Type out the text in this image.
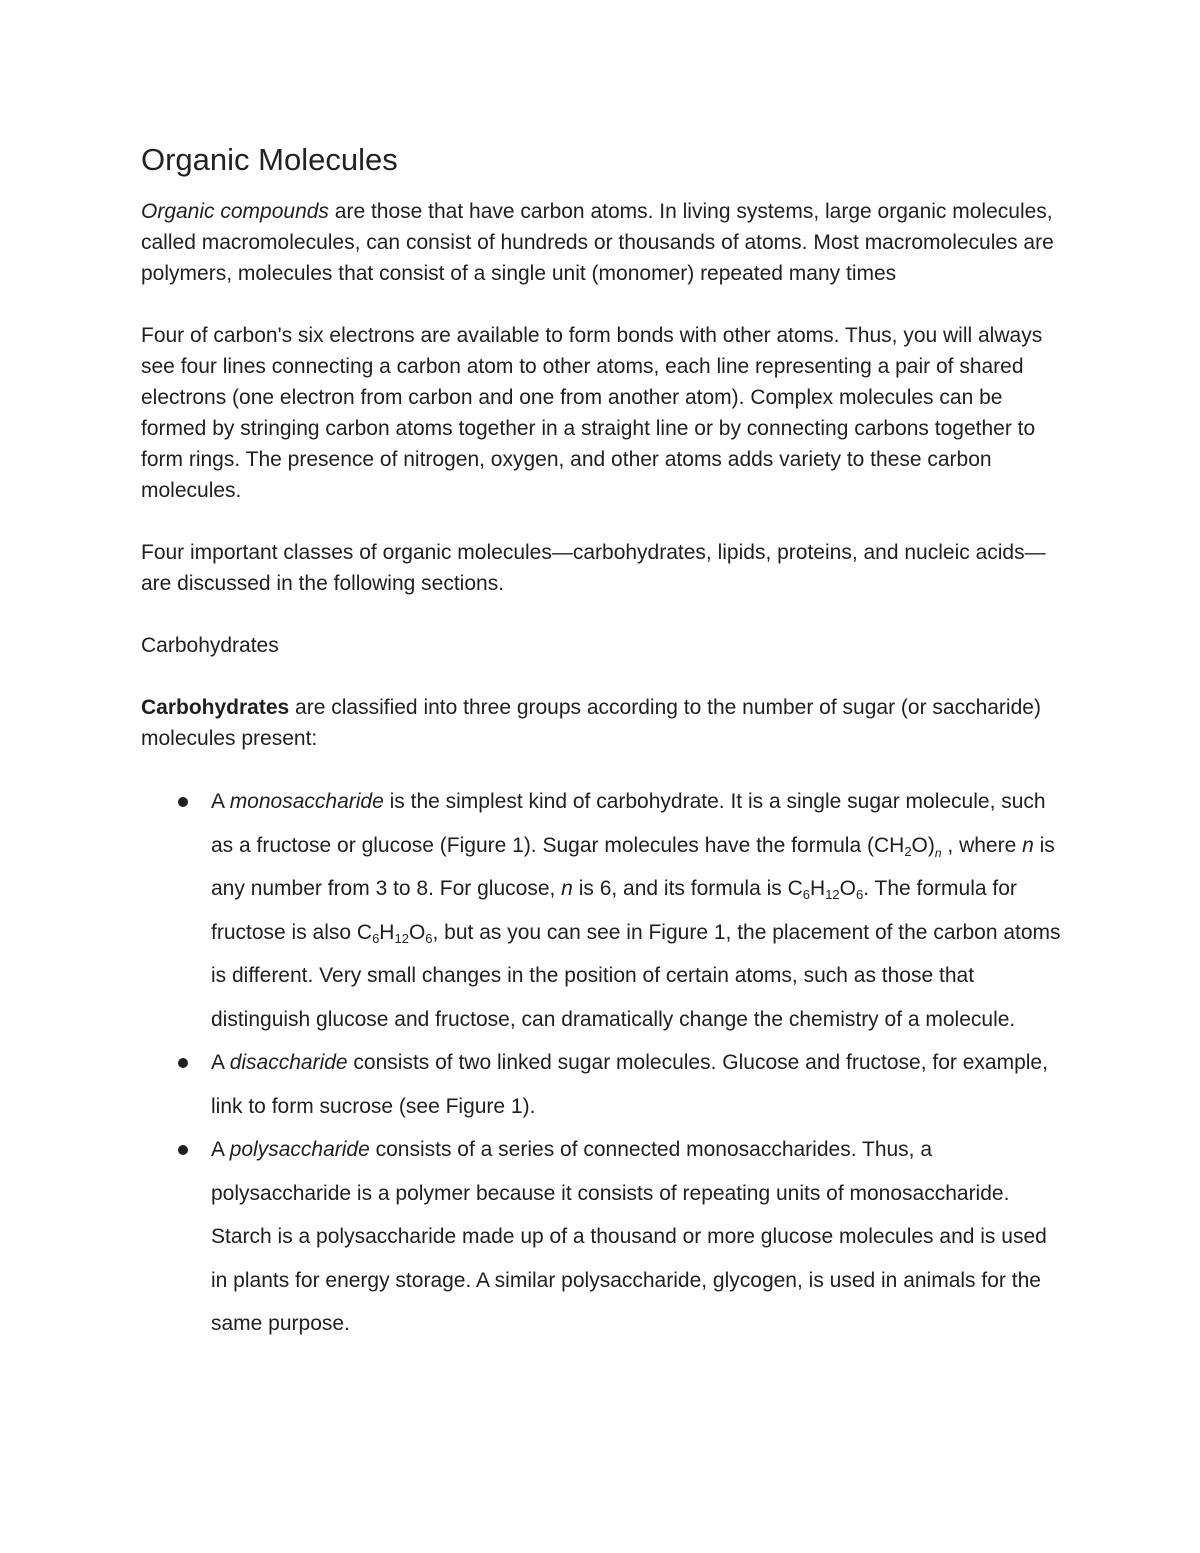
Organic Molecules

Organic compounds are those that have carbon atoms. In living systems, large organic molecules, called macromolecules, can consist of hundreds or thousands of atoms. Most macromolecules are polymers, molecules that consist of a single unit (monomer) repeated many times

Four of carbon's six electrons are available to form bonds with other atoms. Thus, you will always see four lines connecting a carbon atom to other atoms, each line representing a pair of shared electrons (one electron from carbon and one from another atom). Complex molecules can be formed by stringing carbon atoms together in a straight line or by connecting carbons together to form rings. The presence of nitrogen, oxygen, and other atoms adds variety to these carbon molecules.

Four important classes of organic molecules—carbohydrates, lipids, proteins, and nucleic acids—are discussed in the following sections.

Carbohydrates

Carbohydrates are classified into three groups according to the number of sugar (or saccharide) molecules present:

A monosaccharide is the simplest kind of carbohydrate. It is a single sugar molecule, such as a fructose or glucose (Figure 1). Sugar molecules have the formula $(CH_2O)_n$ , where n is any number from 3 to 8. For glucose, n is 6, and its formula is $C_6H_{12}O_6$. The formula for fructose is also $C_6H_{12}O_6$, but as you can see in Figure 1, the placement of the carbon atoms is different. Very small changes in the position of certain atoms, such as those that distinguish glucose and fructose, can dramatically change the chemistry of a molecule.
A disaccharide consists of two linked sugar molecules. Glucose and fructose, for example, link to form sucrose (see Figure 1).
A polysaccharide consists of a series of connected monosaccharides. Thus, a polysaccharide is a polymer because it consists of repeating units of monosaccharide. Starch is a polysaccharide made up of a thousand or more glucose molecules and is used in plants for energy storage. A similar polysaccharide, glycogen, is used in animals for the same purpose.
